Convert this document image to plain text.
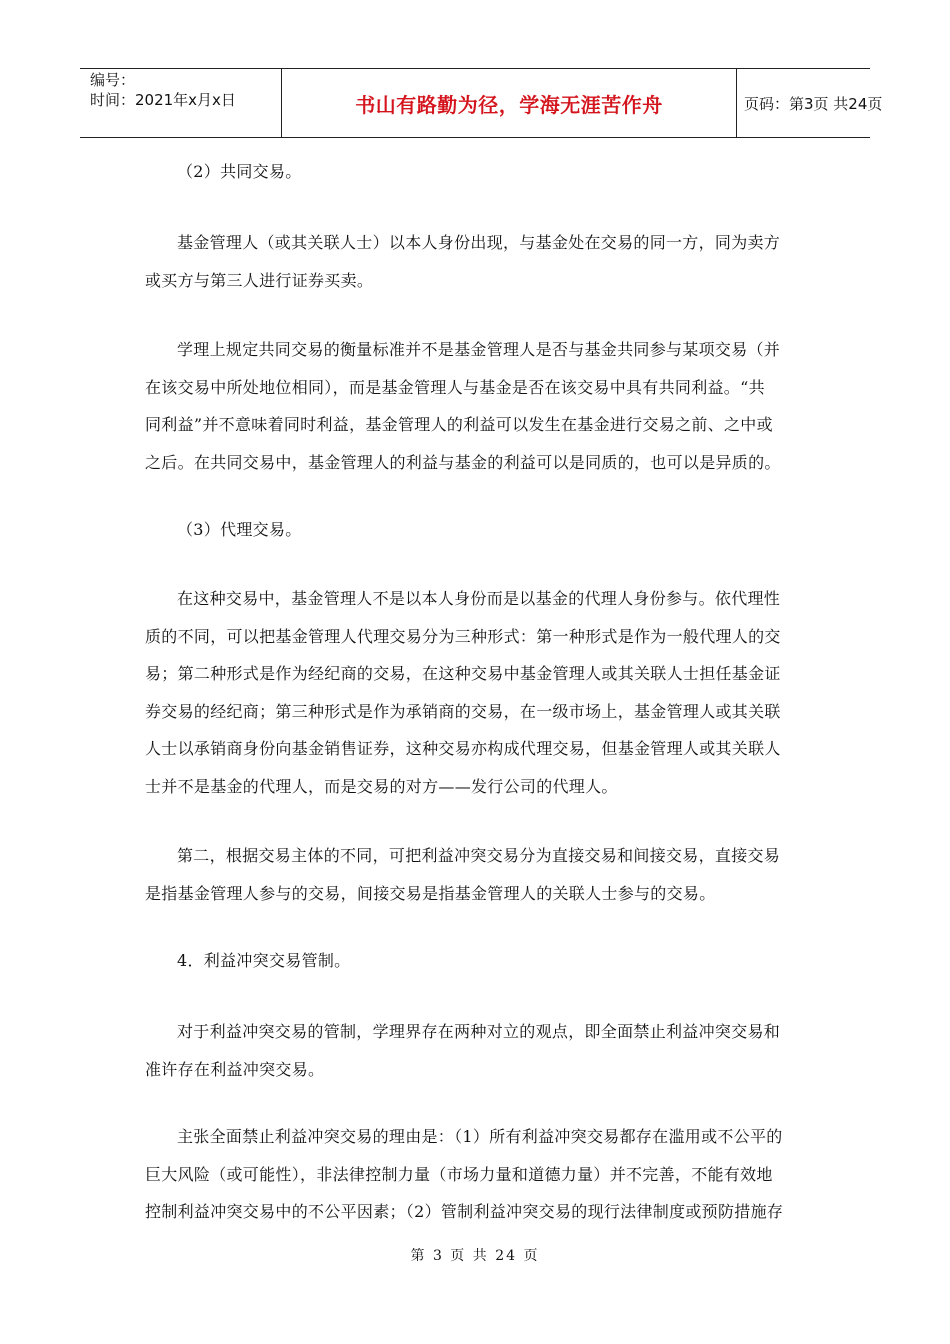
编号：
时间：2021年x月x日	书山有路勤为径，学海无涯苦作舟	页码：第3页 共24页
（2）共同交易。
基金管理人（或其关联人士）以本人身份出现，与基金处在交易的同一方，同为卖方
或买方与第三人进行证券买卖。
学理上规定共同交易的衡量标准并不是基金管理人是否与基金共同参与某项交易（并
在该交易中所处地位相同），而是基金管理人与基金是否在该交易中具有共同利益。“共
同利益”并不意味着同时利益，基金管理人的利益可以发生在基金进行交易之前、之中或
之后。在共同交易中，基金管理人的利益与基金的利益可以是同质的，也可以是异质的。
（3）代理交易。
在这种交易中，基金管理人不是以本人身份而是以基金的代理人身份参与。依代理性
质的不同，可以把基金管理人代理交易分为三种形式：第一种形式是作为一般代理人的交
易；第二种形式是作为经纪商的交易，在这种交易中基金管理人或其关联人士担任基金证
券交易的经纪商；第三种形式是作为承销商的交易，在一级市场上，基金管理人或其关联
人士以承销商身份向基金销售证券，这种交易亦构成代理交易，但基金管理人或其关联人
士并不是基金的代理人，而是交易的对方——发行公司的代理人。
第二，根据交易主体的不同，可把利益冲突交易分为直接交易和间接交易，直接交易
是指基金管理人参与的交易，间接交易是指基金管理人的关联人士参与的交易。
4．利益冲突交易管制。
对于利益冲突交易的管制，学理界存在两种对立的观点，即全面禁止利益冲突交易和
准许存在利益冲突交易。
主张全面禁止利益冲突交易的理由是：（1）所有利益冲突交易都存在滥用或不公平的
巨大风险（或可能性），非法律控制力量（市场力量和道德力量）并不完善，不能有效地
控制利益冲突交易中的不公平因素；（2）管制利益冲突交易的现行法律制度或预防措施存
第 3 页 共 24 页
